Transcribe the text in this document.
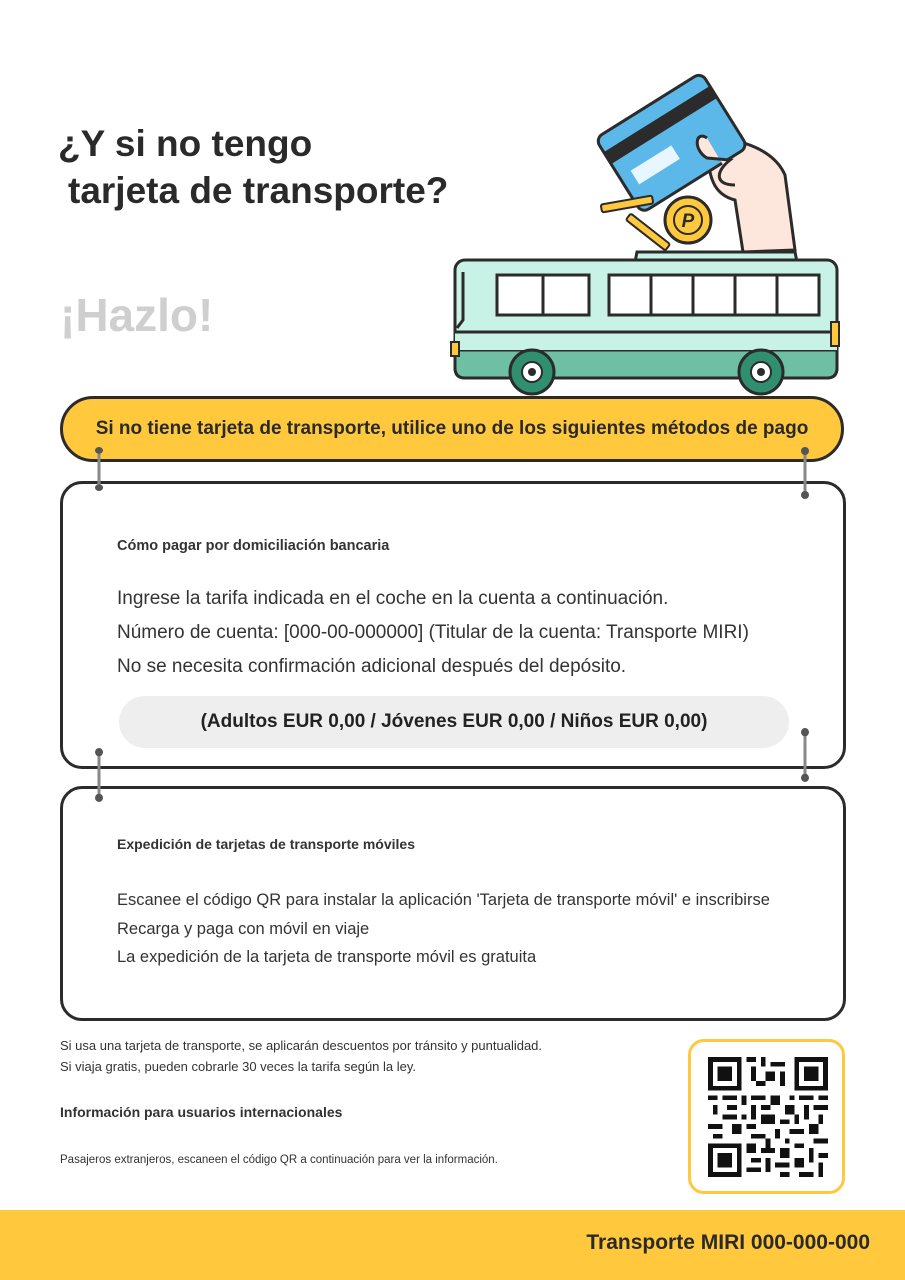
¿Y si no tengo
tarjeta de transporte?
¡Hazlo!
P
Si no tiene tarjeta de transporte, utilice uno de los siguientes métodos de pago
Cómo pagar por domiciliación bancaria
Ingrese la tarifa indicada en el coche en la cuenta a continuación.
Número de cuenta: [000-00-000000] (Titular de la cuenta: Transporte MIRI)
No se necesita confirmación adicional después del depósito.
(Adultos EUR 0,00 / Jóvenes EUR 0,00 / Niños EUR 0,00)
Expedición de tarjetas de transporte móviles
Escanee el código QR para instalar la aplicación 'Tarjeta de transporte móvil' e inscribirse
Recarga y paga con móvil en viaje
La expedición de la tarjeta de transporte móvil es gratuita
Si usa una tarjeta de transporte, se aplicarán descuentos por tránsito y puntualidad.
Si viaja gratis, pueden cobrarle 30 veces la tarifa según la ley.
Información para usuarios internacionales
Pasajeros extranjeros, escaneen el código QR a continuación para ver la información.
Transporte MIRI 000-000-000
